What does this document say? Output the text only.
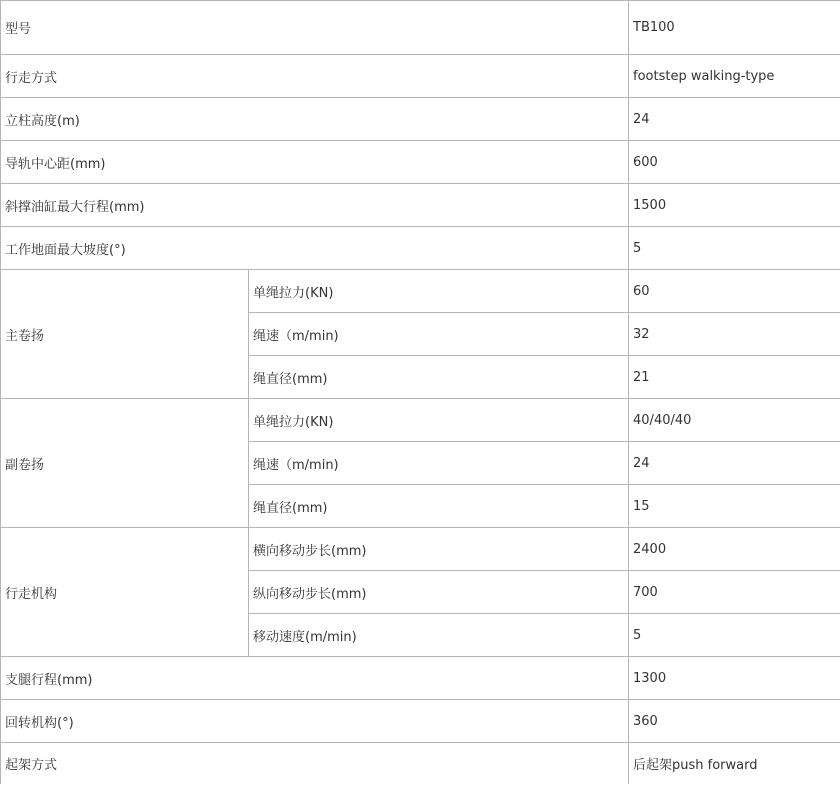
型号		TB100
行走方式		footstep walking-type
立柱高度(m)		24
导轨中心距(mm)		600
斜撑油缸最大行程(mm)		1500
工作地面最大坡度(°)		5
主卷扬	单绳拉力(KN)	60
	绳速（m/min)	32
	绳直径(mm)	21
副卷扬	单绳拉力(KN)	40/40/40
	绳速（m/min)	24
	绳直径(mm)	15
行走机构	横向移动步长(mm)	2400
	纵向移动步长(mm)	700
	移动速度(m/min)	5
支腿行程(mm)		1300
回转机构(°)		360
起架方式		后起架push forward
